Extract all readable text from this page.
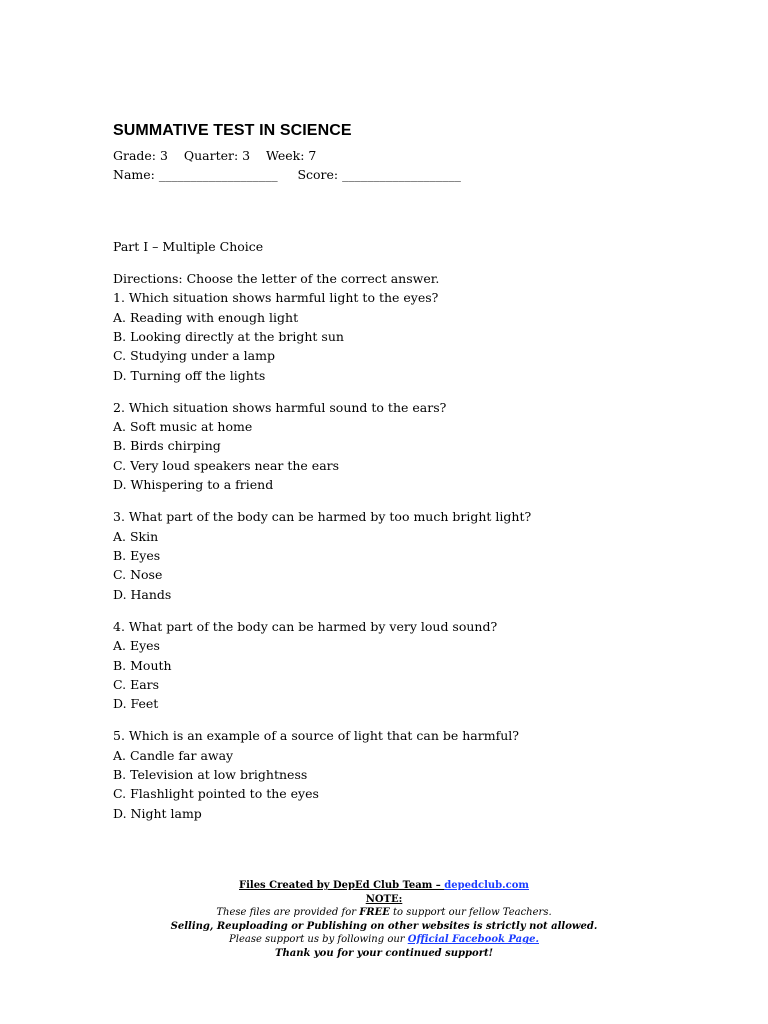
SUMMATIVE TEST IN SCIENCE
Grade: 3    Quarter: 3    Week: 7
Name: ___________________     Score: ___________________
Part I – Multiple Choice
Directions: Choose the letter of the correct answer.
1. Which situation shows harmful light to the eyes?
A. Reading with enough light
B. Looking directly at the bright sun
C. Studying under a lamp
D. Turning off the lights
2. Which situation shows harmful sound to the ears?
A. Soft music at home
B. Birds chirping
C. Very loud speakers near the ears
D. Whispering to a friend
3. What part of the body can be harmed by too much bright light?
A. Skin
B. Eyes
C. Nose
D. Hands
4. What part of the body can be harmed by very loud sound?
A. Eyes
B. Mouth
C. Ears
D. Feet
5. Which is an example of a source of light that can be harmful?
A. Candle far away
B. Television at low brightness
C. Flashlight pointed to the eyes
D. Night lamp
Files Created by DepEd Club Team – depedclub.com
NOTE:
These files are provided for FREE to support our fellow Teachers.
Selling, Reuploading or Publishing on other websites is strictly not allowed.
Please support us by following our Official Facebook Page.
Thank you for your continued support!
